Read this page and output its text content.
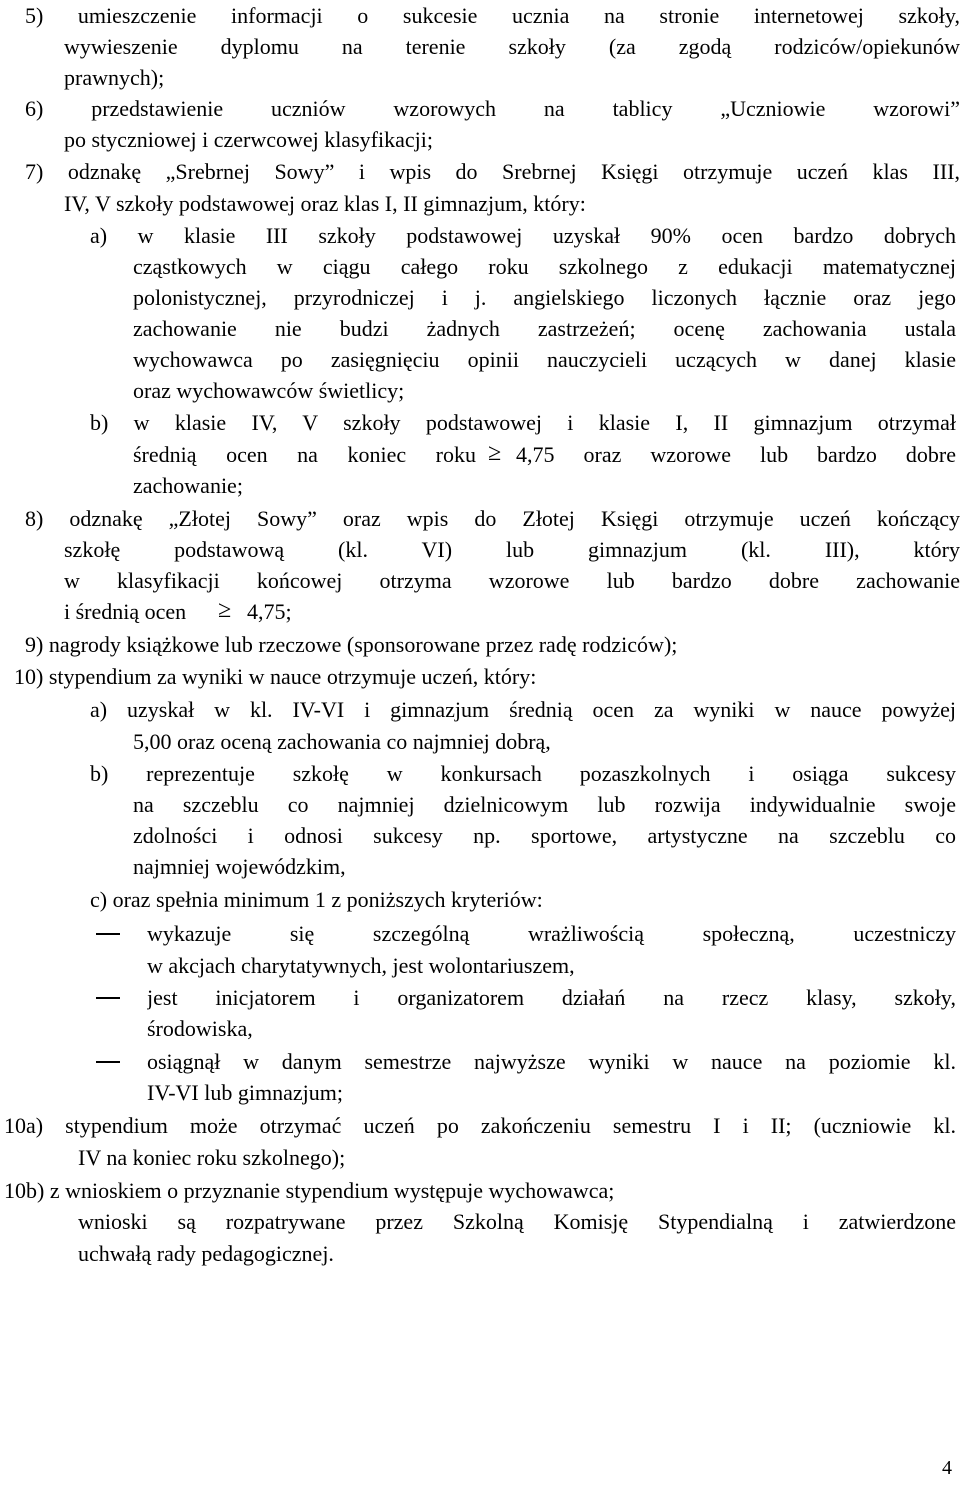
5) umieszczenie informacji o sukcesie ucznia na stronie internetowej szkoły,
wywieszenie dyplomu na terenie szkoły (za zgodą rodziców/opiekunów
prawnych);
6) przedstawienie uczniów wzorowych na tablicy „Uczniowie wzorowi”
po styczniowej i czerwcowej klasyfikacji;
7) odznakę „Srebrnej Sowy” i wpis do Srebrnej Księgi otrzymuje uczeń klas III,
IV, V szkoły podstawowej oraz klas I, II gimnazjum, który:
a) w klasie III szkoły podstawowej uzyskał 90% ocen bardzo dobrych
cząstkowych w ciągu całego roku szkolnego z edukacji matematycznej
polonistycznej, przyrodniczej i j. angielskiego liczonych łącznie oraz jego
zachowanie nie budzi żadnych zastrzeżeń; ocenę zachowania ustala
wychowawca po zasięgnięciu opinii nauczycieli uczących w danej klasie
oraz wychowawców świetlicy;
b) w klasie IV, V szkoły podstawowej i klasie I, II gimnazjum otrzymał
średnią ocen na koniec roku ≥ 4,75 oraz wzorowe lub bardzo dobre
zachowanie;
8) odznakę „Złotej Sowy” oraz wpis do Złotej Księgi otrzymuje uczeń kończący
szkołę podstawową (kl. VI) lub gimnazjum (kl. III), który
w klasyfikacji końcowej otrzyma wzorowe lub bardzo dobre zachowanie
i średnią ocen ≥ 4,75;
9) nagrody książkowe lub rzeczowe (sponsorowane przez radę rodziców);
10) stypendium za wyniki w nauce otrzymuje uczeń, który:
a) uzyskał w kl. IV-VI i gimnazjum średnią ocen za wyniki w nauce powyżej
5,00 oraz oceną zachowania co najmniej dobrą,
b) reprezentuje szkołę w konkursach pozaszkolnych i osiąga sukcesy
na szczeblu co najmniej dzielnicowym lub rozwija indywidualnie swoje
zdolności i odnosi sukcesy np. sportowe, artystyczne na szczeblu co
najmniej wojewódzkim,
c) oraz spełnia minimum 1 z poniższych kryteriów:
wykazuje się szczególną wrażliwością społeczną, uczestniczy
w akcjach charytatywnych, jest wolontariuszem,
jest inicjatorem i organizatorem działań na rzecz klasy, szkoły,
środowiska,
osiągnął w danym semestrze najwyższe wyniki w nauce na poziomie kl.
IV-VI lub gimnazjum;
10a) stypendium może otrzymać uczeń po zakończeniu semestru I i II; (uczniowie kl.
IV na koniec roku szkolnego);
10b) z wnioskiem o przyznanie stypendium występuje wychowawca;
wnioski są rozpatrywane przez Szkolną Komisję Stypendialną i zatwierdzone
uchwałą rady pedagogicznej.
4
